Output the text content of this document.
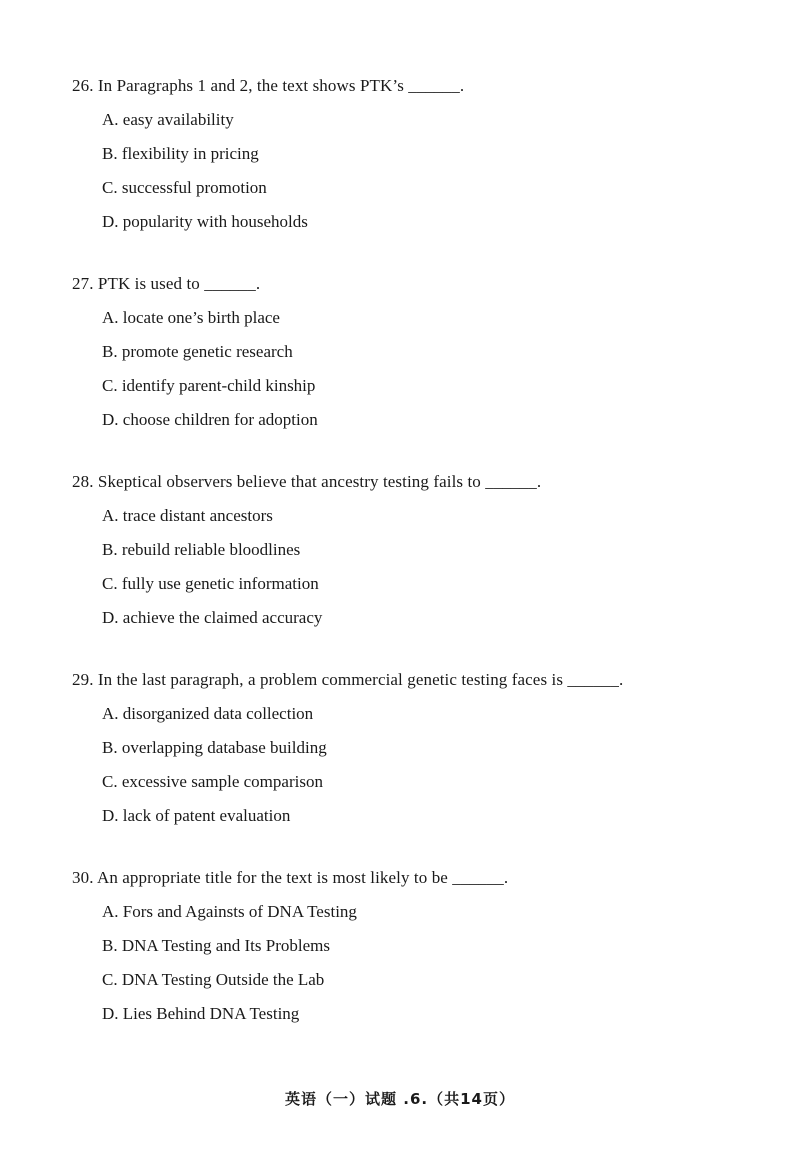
26. In Paragraphs 1 and 2, the text shows PTK’s ______.
A. easy availability
B. flexibility in pricing
C. successful promotion
D. popularity with households
27. PTK is used to ______.
A. locate one’s birth place
B. promote genetic research
C. identify parent-child kinship
D. choose children for adoption
28. Skeptical observers believe that ancestry testing fails to ______.
A. trace distant ancestors
B. rebuild reliable bloodlines
C. fully use genetic information
D. achieve the claimed accuracy
29. In the last paragraph, a problem commercial genetic testing faces is ______.
A. disorganized data collection
B. overlapping database building
C. excessive sample comparison
D. lack of patent evaluation
30. An appropriate title for the text is most likely to be ______.
A. Fors and Againsts of DNA Testing
B. DNA Testing and Its Problems
C. DNA Testing Outside the Lab
D. Lies Behind DNA Testing
英语（一）试题 .6.（共14页）
